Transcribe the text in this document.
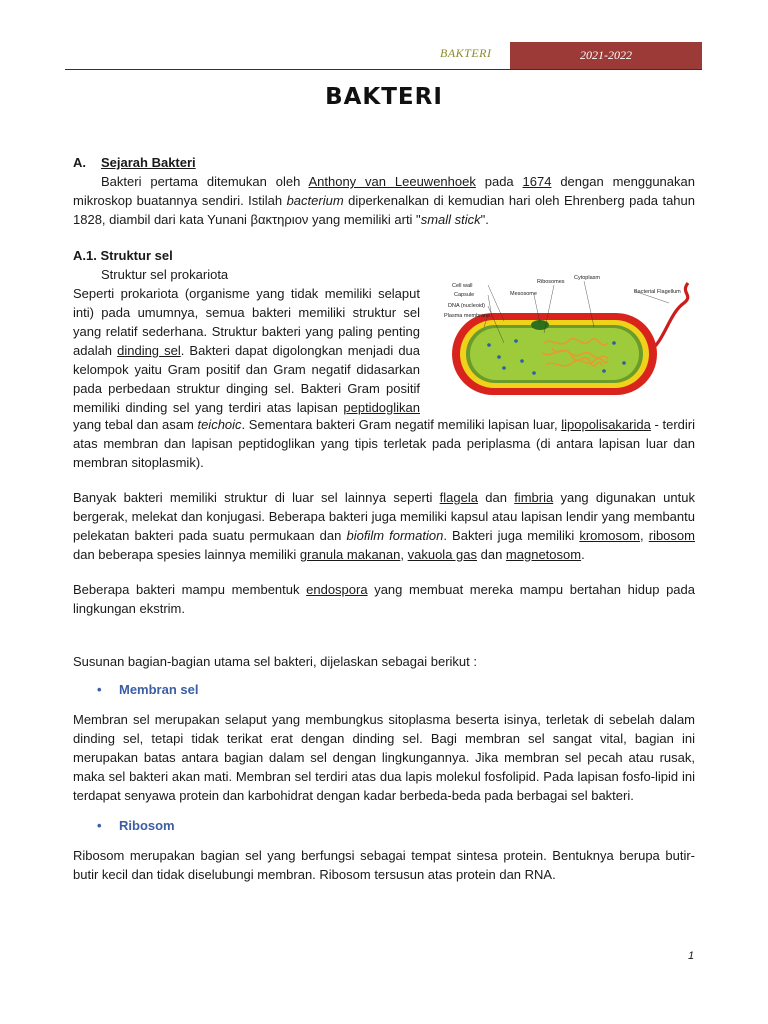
BAKTERI	2021-2022
BAKTERI
A. Sejarah Bakteri

Bakteri pertama ditemukan oleh Anthony van Leeuwenhoek pada 1674 dengan menggunakan mikroskop buatannya sendiri. Istilah bacterium diperkenalkan di kemudian hari oleh Ehrenberg pada tahun 1828, diambil dari kata Yunani βακτηριον yang memiliki arti "small stick".

A.1. Struktur sel
Struktur sel prokariota
Seperti prokariota (organisme yang tidak memiliki selaput
inti) pada umumnya, semua bakteri memiliki struktur sel
yang relatif sederhana. Struktur bakteri yang paling penting
adalah dinding sel. Bakteri dapat digolongkan menjadi dua
kelompok yaitu Gram positif dan Gram negatif didasarkan
pada perbedaan struktur dinging sel. Bakteri Gram positif
memiliki dinding sel yang terdiri atas lapisan peptidoglikan

yang tebal dan asam teichoic. Sementara bakteri Gram negatif memiliki lapisan luar, lipopolisakarida - terdiri atas membran dan lapisan peptidoglikan yang tipis terletak pada periplasma (di antara lapisan luar dan membran sitoplasmik).

Cell wall
Capsule
DNA (nucleoid)
Plasma membrane
Mesosome
Ribosomes
Cytoplasm
Bacterial Flagellum

Banyak bakteri memiliki struktur di luar sel lainnya seperti flagela dan fimbria yang digunakan untuk bergerak, melekat dan konjugasi. Beberapa bakteri juga memiliki kapsul atau lapisan lendir yang membantu pelekatan bakteri pada suatu permukaan dan biofilm formation. Bakteri juga memiliki kromosom, ribosom dan beberapa spesies lainnya memiliki granula makanan, vakuola gas dan magnetosom.

Beberapa bakteri mampu membentuk endospora yang membuat mereka mampu bertahan hidup pada lingkungan ekstrim.

Susunan bagian-bagian utama sel bakteri, dijelaskan sebagai berikut :

• Membran sel

Membran sel merupakan selaput yang membungkus sitoplasma beserta isinya, terletak di sebelah dalam dinding sel, tetapi tidak terikat erat dengan dinding sel. Bagi membran sel sangat vital, bagian ini merupakan batas antara bagian dalam sel dengan lingkungannya. Jika membran sel pecah atau rusak, maka sel bakteri akan mati. Membran sel terdiri atas dua lapis molekul fosfolipid. Pada lapisan fosfo-lipid ini terdapat senyawa protein dan karbohidrat dengan kadar berbeda-beda pada berbagai sel bakteri.

• Ribosom

Ribosom merupakan bagian sel yang berfungsi sebagai tempat sintesa protein. Bentuknya berupa butir-butir kecil dan tidak diselubungi membran. Ribosom tersusun atas protein dan RNA.

1
